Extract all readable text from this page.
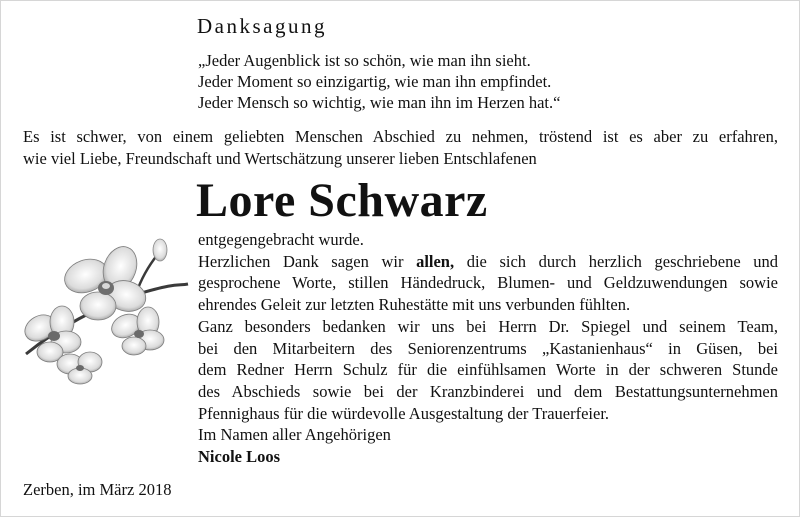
Danksagung
„Jeder Augenblick ist so schön, wie man ihn sieht.
Jeder Moment so einzigartig, wie man ihn empfindet.
Jeder Mensch so wichtig, wie man ihn im Herzen hat.“
Es ist schwer, von einem geliebten Menschen Abschied zu nehmen, tröstend ist es aber zu erfahren,
wie viel Liebe, Freundschaft und Wertschätzung unserer lieben Entschlafenen
Lore Schwarz
entgegengebracht wurde.
Herzlichen Dank sagen wir allen, die sich durch herzlich geschriebene und
gesprochene Worte, stillen Händedruck, Blumen- und Geldzuwendungen sowie
ehrendes Geleit zur letzten Ruhestätte mit uns verbunden fühlten.
Ganz besonders bedanken wir uns bei Herrn Dr. Spiegel und seinem Team,
bei den Mitarbeitern des Seniorenzentrums „Kastanienhaus“ in Güsen, bei
dem Redner Herrn Schulz für die einfühlsamen Worte in der schweren Stunde
des Abschieds sowie bei der Kranzbinderei und dem Bestattungsunternehmen
Pfennighaus für die würdevolle Ausgestaltung der Trauerfeier.
Im Namen aller Angehörigen
Nicole Loos
Zerben, im März 2018
